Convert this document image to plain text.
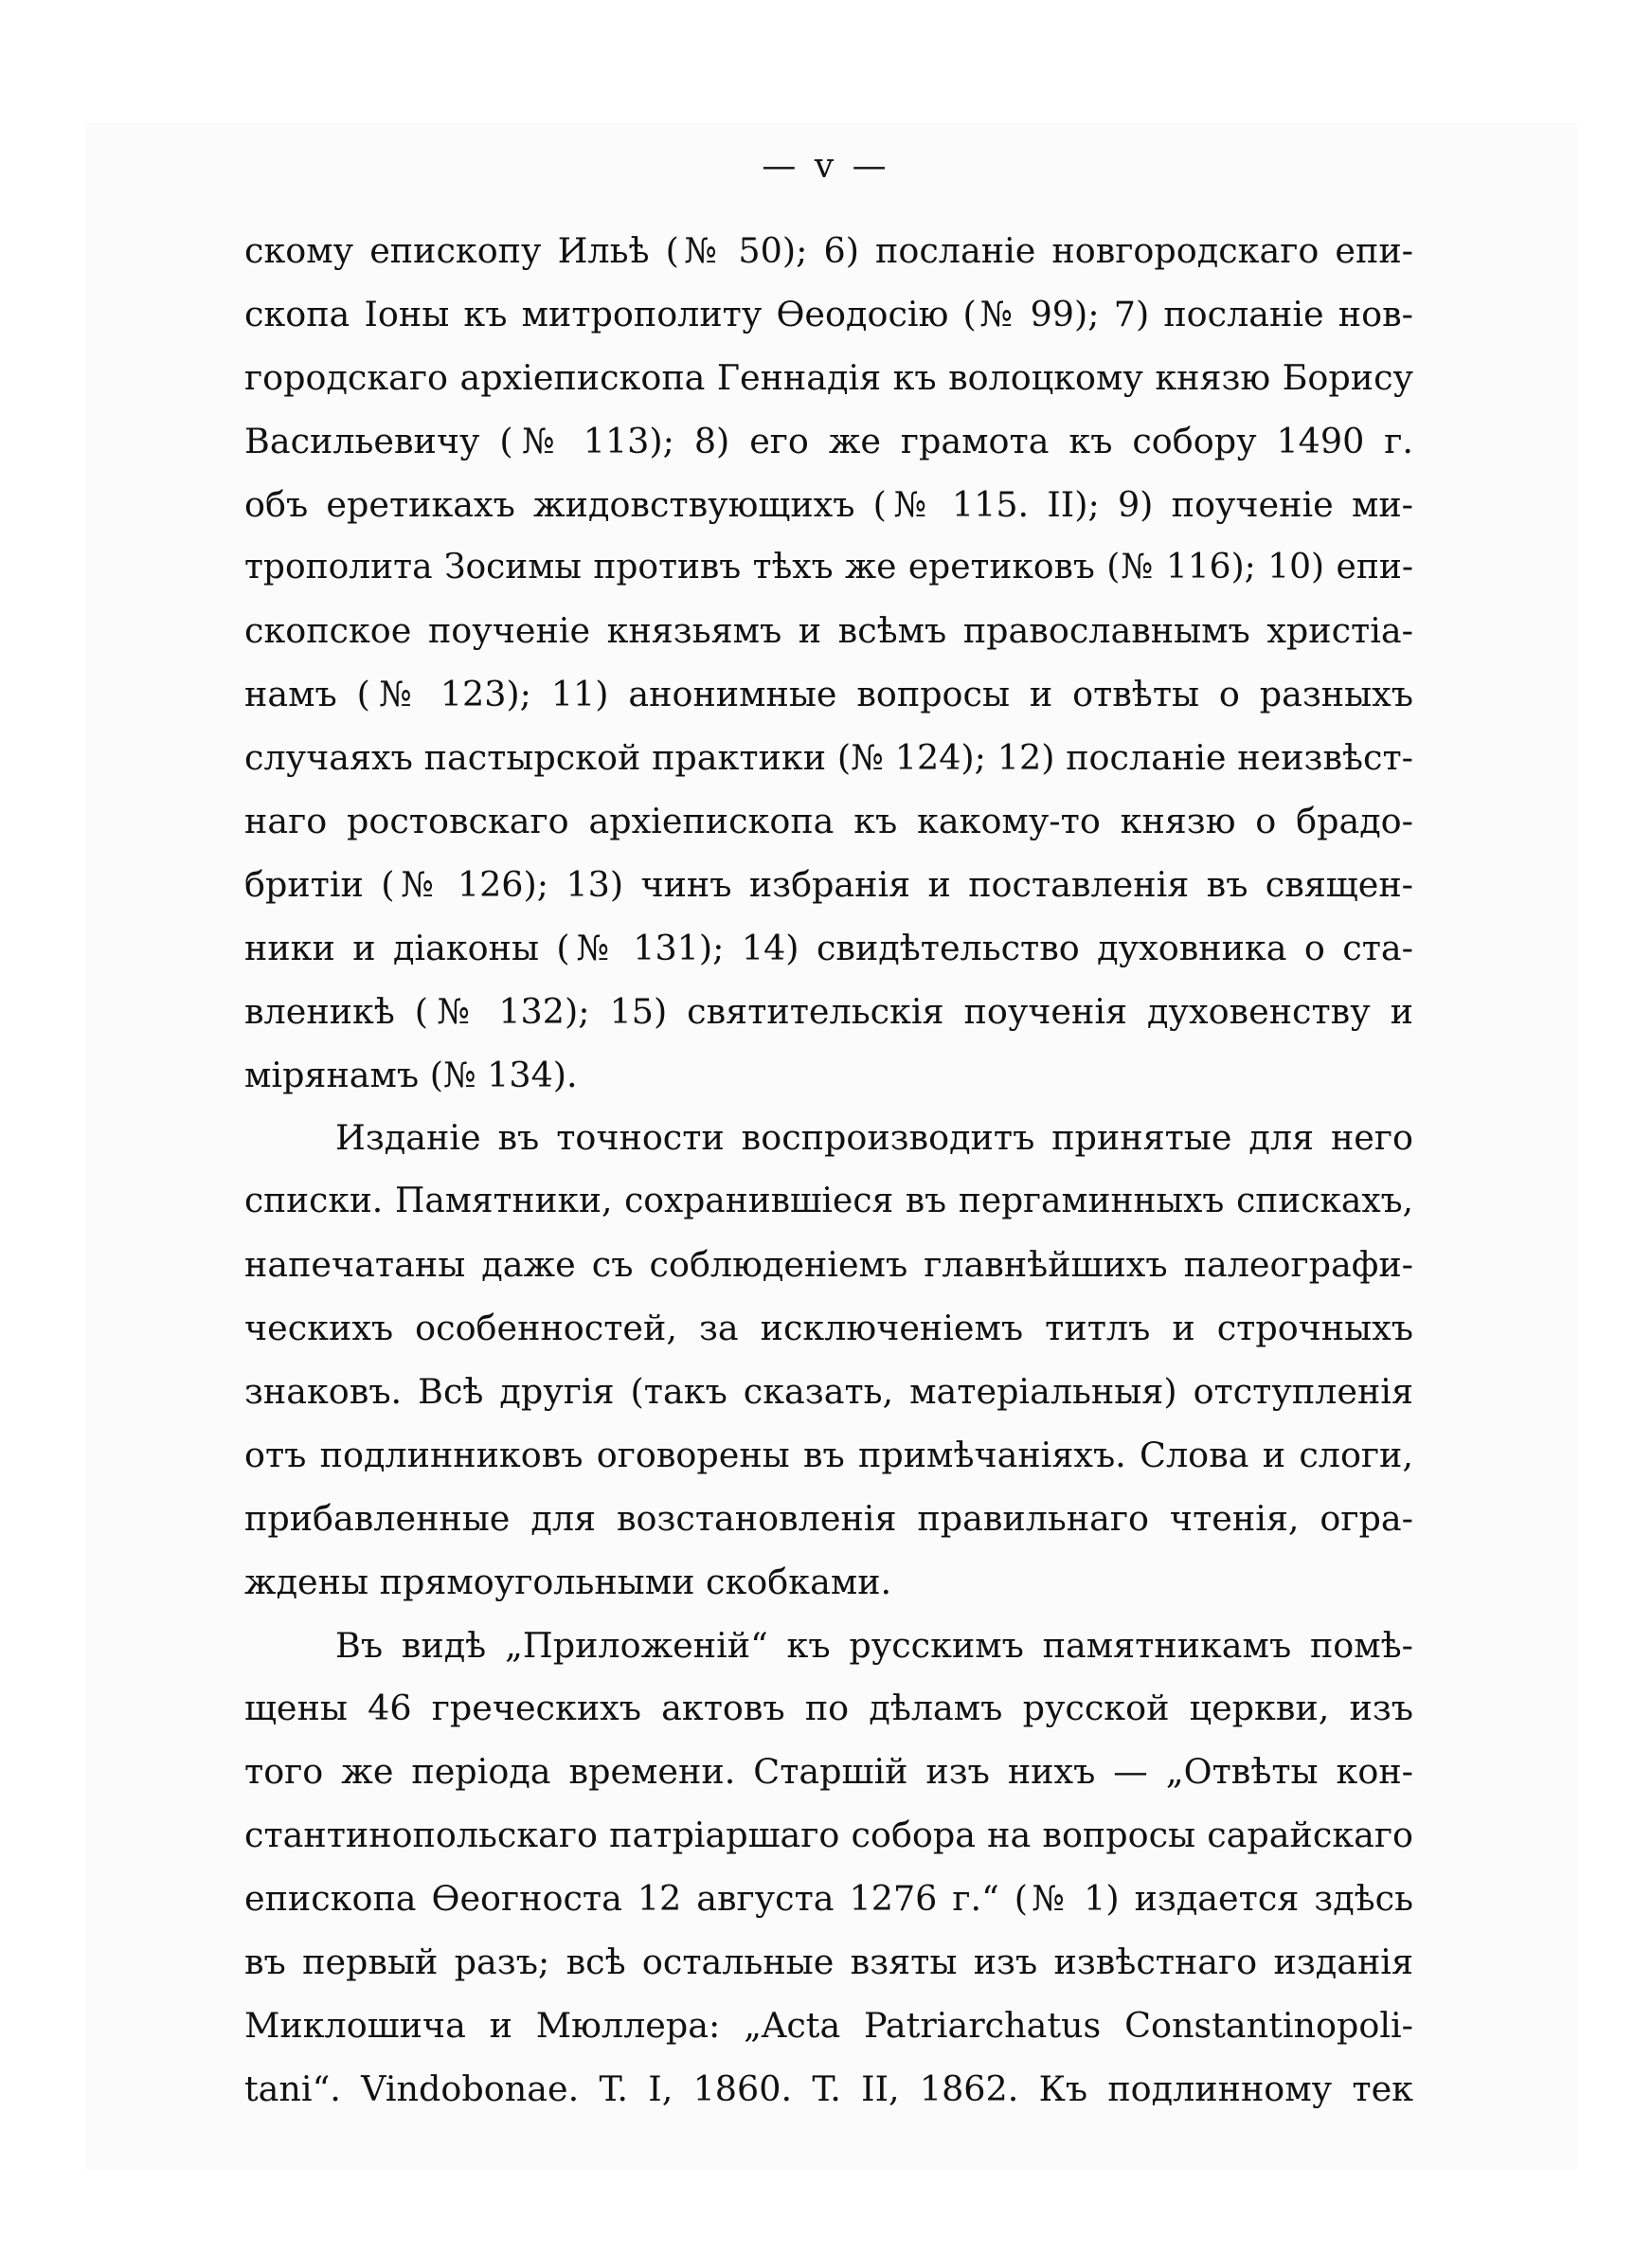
— v —
скому епископу Ильѣ (№ 50); 6) посланіе новгородскаго епи-
скопа Іоны къ митрополиту Ѳеодосію (№ 99); 7) посланіе нов-
городскаго архіепископа Геннадія къ волоцкому князю Борису
Васильевичу (№ 113); 8) его же грамота къ собору 1490 г.
объ еретикахъ жидовствующихъ (№ 115. II); 9) поученіе ми-
трополита Зосимы противъ тѣхъ же еретиковъ (№ 116); 10) епи-
скопское поученіе князьямъ и всѣмъ православнымъ христіа-
намъ (№ 123); 11) анонимные вопросы и отвѣты о разныхъ
случаяхъ пастырской практики (№ 124); 12) посланіе неизвѣст-
наго ростовскаго архіепископа къ какому-то князю о брадо-
бритіи (№ 126); 13) чинъ избранія и поставленія въ священ-
ники и діаконы (№ 131); 14) свидѣтельство духовника о ста-
вленикѣ (№ 132); 15) святительскія поученія духовенству и
мірянамъ (№ 134).
Изданіе въ точности воспроизводитъ принятые для него
списки. Памятники, сохранившіеся въ пергаминныхъ спискахъ,
напечатаны даже съ соблюденіемъ главнѣйшихъ палеографи-
ческихъ особенностей, за исключеніемъ титлъ и строчныхъ
знаковъ. Всѣ другія (такъ сказать, матеріальныя) отступленія
отъ подлинниковъ оговорены въ примѣчаніяхъ. Слова и слоги,
прибавленные для возстановленія правильнаго чтенія, огра-
ждены прямоугольными скобками.
Въ видѣ „Приложеній“ къ русскимъ памятникамъ помѣ-
щены 46 греческихъ актовъ по дѣламъ русской церкви, изъ
того же періода времени. Старшій изъ нихъ — „Отвѣты кон-
стантинопольскаго патріаршаго собора на вопросы сарайскаго
епископа Ѳеогноста 12 августа 1276 г.“ (№ 1) издается здѣсь
въ первый разъ; всѣ остальные взяты изъ извѣстнаго изданія
Миклошича и Мюллера: „Acta Patriarchatus Constantinopoli-
tani“. Vindobonae. T. I, 1860. T. II, 1862. Къ подлинному тек
